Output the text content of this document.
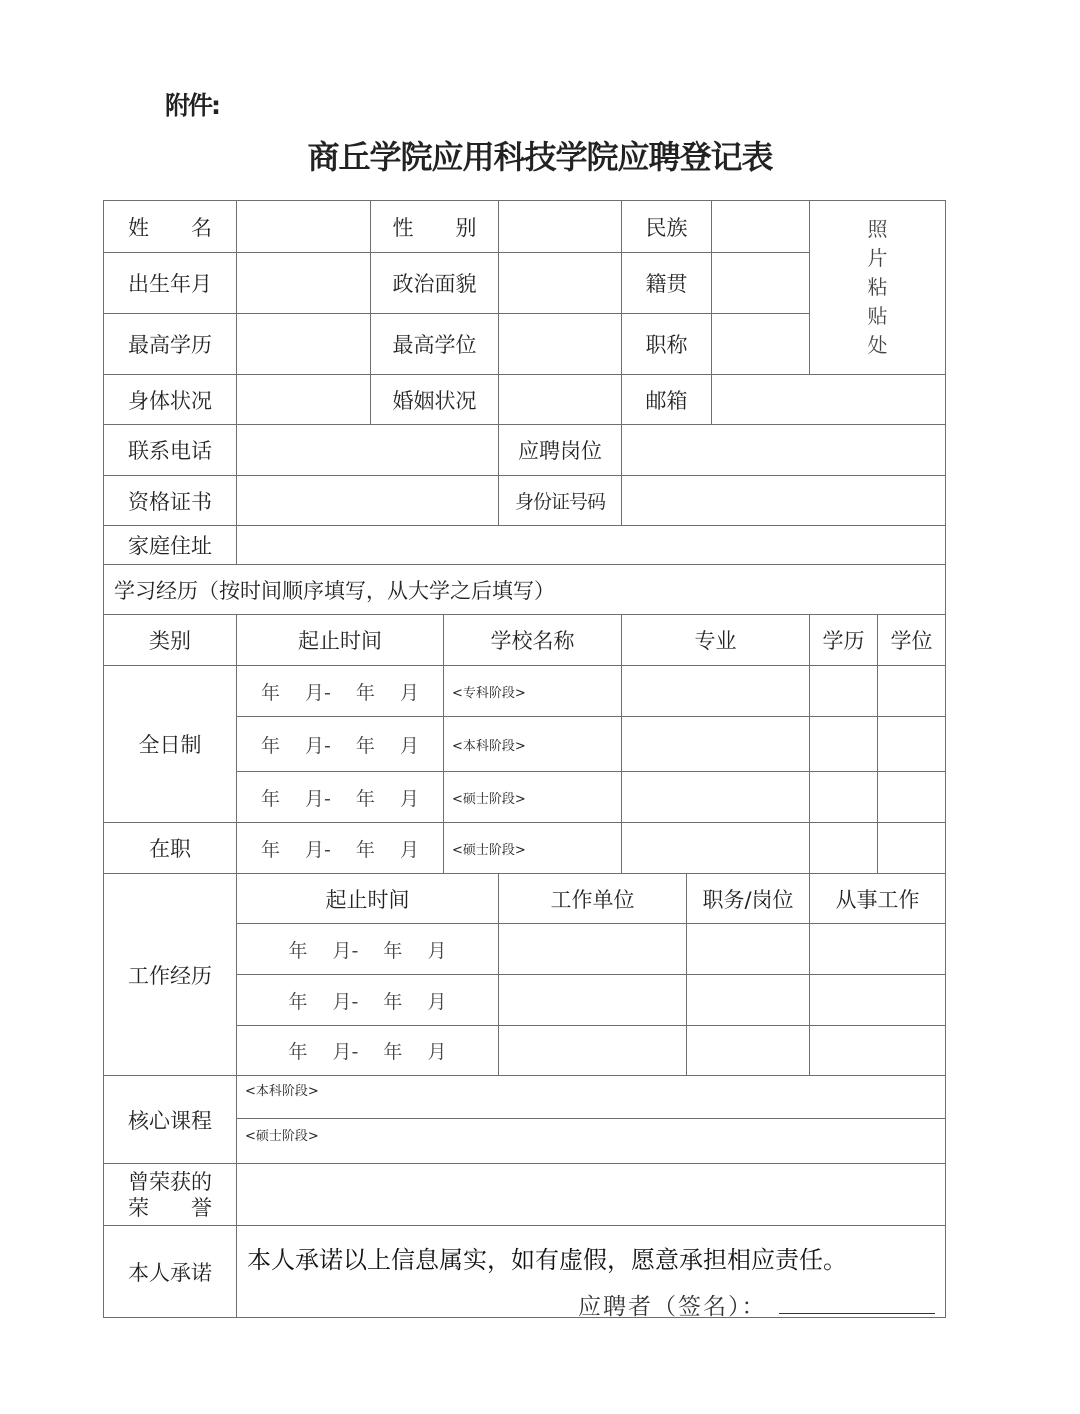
附件:
商丘学院应用科技学院应聘登记表
姓　　名	性　　别	民族	照
片
粘
贴
处
出生年月	政治面貌	籍贯
最高学历	最高学位	职称
身体状况	婚姻状况	邮箱
联系电话	应聘岗位
资格证书	身份证号码
家庭住址
学习经历（按时间顺序填写，从大学之后填写）
类别	起止时间	学校名称	专业	学历	学位
全日制
年　 月-　 年　 月	<专科阶段>
年　 月-　 年　 月	<本科阶段>
年　 月-　 年　 月	<硕士阶段>
在职	年　 月-　 年　 月	<硕士阶段>
工作经历
起止时间	工作单位	职务/岗位	从事工作
年　 月-　 年　 月
年　 月-　 年　 月
年　 月-　 年　 月
核心课程
<本科阶段>
<硕士阶段>
曾荣获的
荣　　誉
本人承诺	本人承诺以上信息属实，如有虚假，愿意承担相应责任。
应聘者（签名）：
